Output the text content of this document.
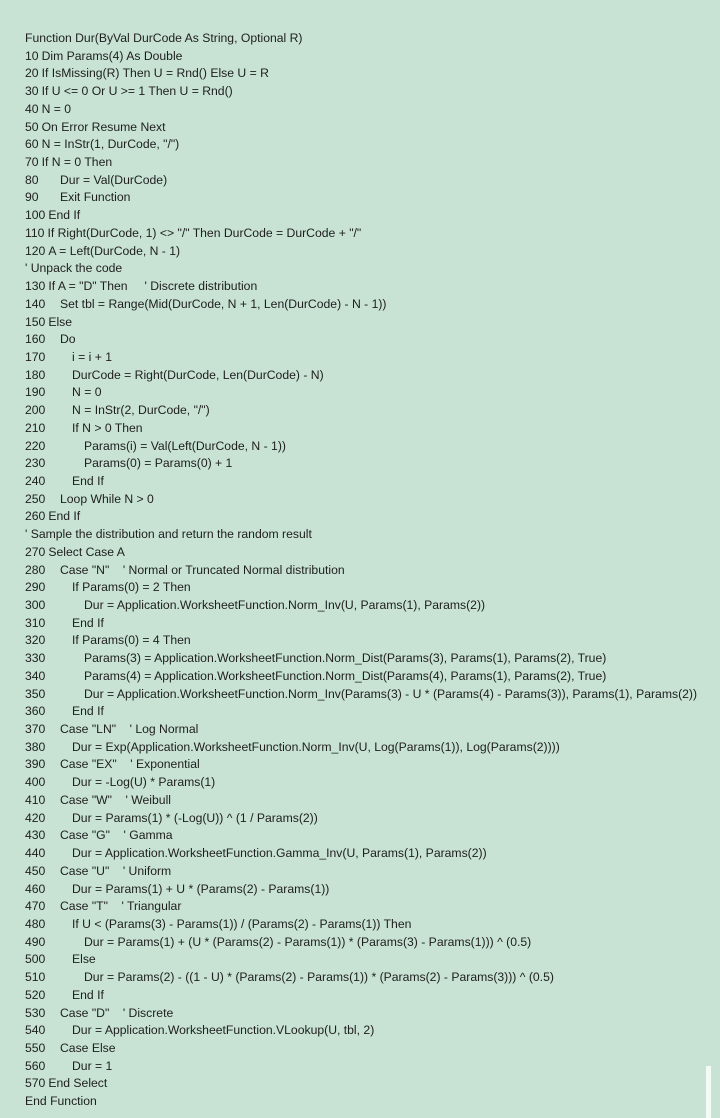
Function Dur(ByVal DurCode As String, Optional R)
10 Dim Params(4) As Double
20 If IsMissing(R) Then U = Rnd() Else U = R
30 If U <= 0 Or U >= 1 Then U = Rnd()
40 N = 0
50 On Error Resume Next
60 N = InStr(1, DurCode, "/")
70 If N = 0 Then
80	Dur = Val(DurCode)
90	Exit Function
100 End If
110 If Right(DurCode, 1) <> "/" Then DurCode = DurCode + "/"
120 A = Left(DurCode, N - 1)
' Unpack the code
130 If A = "D" Then     ' Discrete distribution
140	Set tbl = Range(Mid(DurCode, N + 1, Len(DurCode) - N - 1))
150 Else
160	Do
170	i = i + 1
180	DurCode = Right(DurCode, Len(DurCode) - N)
190	N = 0
200	N = InStr(2, DurCode, "/")
210	If N > 0 Then
220	Params(i) = Val(Left(DurCode, N - 1))
230	Params(0) = Params(0) + 1
240	End If
250	Loop While N > 0
260 End If
' Sample the distribution and return the random result
270 Select Case A
280	Case "N"    ' Normal or Truncated Normal distribution
290	If Params(0) = 2 Then
300	Dur = Application.WorksheetFunction.Norm_Inv(U, Params(1), Params(2))
310	End If
320	If Params(0) = 4 Then
330	Params(3) = Application.WorksheetFunction.Norm_Dist(Params(3), Params(1), Params(2), True)
340	Params(4) = Application.WorksheetFunction.Norm_Dist(Params(4), Params(1), Params(2), True)
350	Dur = Application.WorksheetFunction.Norm_Inv(Params(3) - U * (Params(4) - Params(3)), Params(1), Params(2))
360	End If
370	Case "LN"    ' Log Normal
380	Dur = Exp(Application.WorksheetFunction.Norm_Inv(U, Log(Params(1)), Log(Params(2))))
390	Case "EX"    ' Exponential
400	Dur = -Log(U) * Params(1)
410	Case "W"    ' Weibull
420	Dur = Params(1) * (-Log(U)) ^ (1 / Params(2))
430	Case "G"    ' Gamma
440	Dur = Application.WorksheetFunction.Gamma_Inv(U, Params(1), Params(2))
450	Case "U"    ' Uniform
460	Dur = Params(1) + U * (Params(2) - Params(1))
470	Case "T"    ' Triangular
480	If U < (Params(3) - Params(1)) / (Params(2) - Params(1)) Then
490	Dur = Params(1) + (U * (Params(2) - Params(1)) * (Params(3) - Params(1))) ^ (0.5)
500	Else
510	Dur = Params(2) - ((1 - U) * (Params(2) - Params(1)) * (Params(2) - Params(3))) ^ (0.5)
520	End If
530	Case "D"    ' Discrete
540	Dur = Application.WorksheetFunction.VLookup(U, tbl, 2)
550	Case Else
560	Dur = 1
570 End Select
End Function
